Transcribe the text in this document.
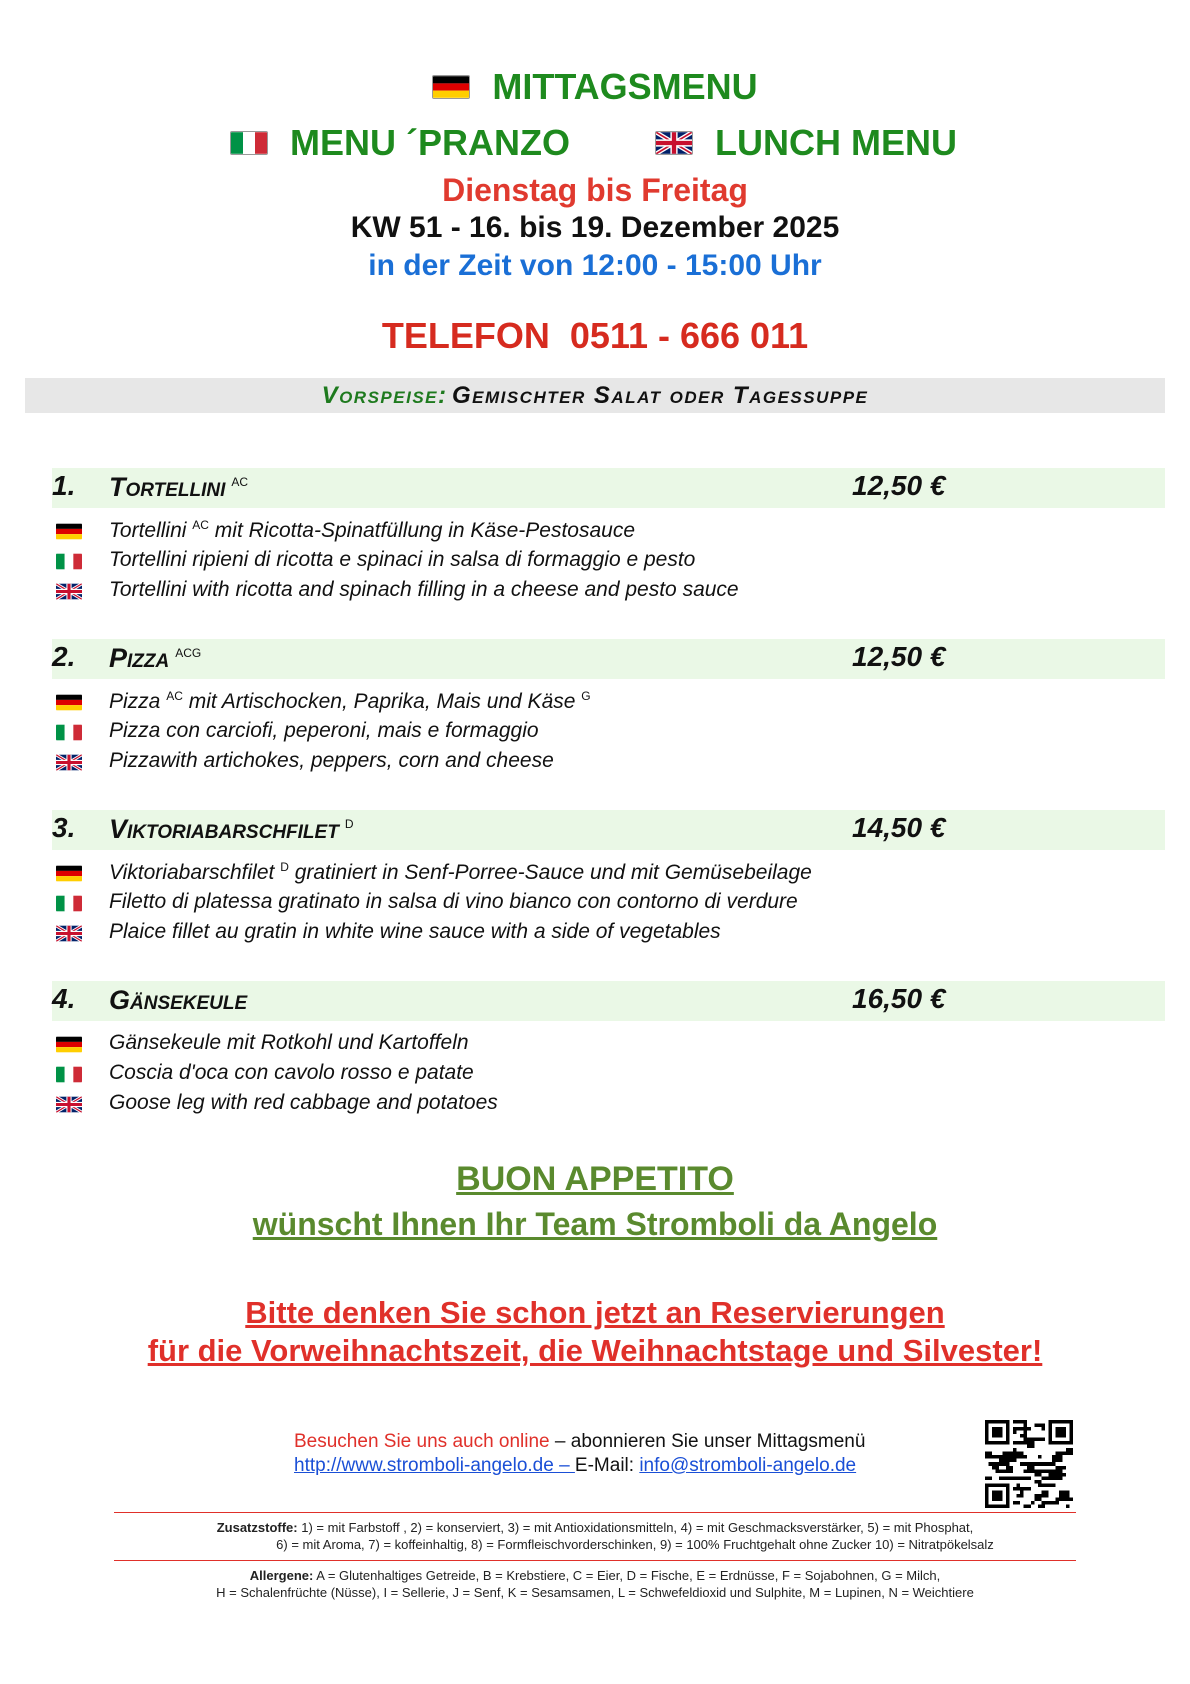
MITTAGSMENU
MENU ´PRANZO	LUNCH MENU
Dienstag bis Freitag
KW 51 - 16. bis 19. Dezember 2025
in der Zeit von 12:00 - 15:00 Uhr
TELEFON  0511 - 666 011
Vorspeise: Gemischter Salat oder Tagessuppe
1. Tortellini $^{AC}$	12,50 €
Tortellini $^{AC}$ mit Ricotta-Spinatfüllung in Käse-Pestosauce
Tortellini ripieni di ricotta e spinaci in salsa di formaggio e pesto
Tortellini with ricotta and spinach filling in a cheese and pesto sauce
2. Pizza $^{ACG}$	12,50 €
Pizza $^{AC}$ mit Artischocken, Paprika, Mais und Käse $^G$
Pizza con carciofi, peperoni, mais e formaggio
Pizzawith artichokes, peppers, corn and cheese
3. Viktoriabarschfilet $^D$	14,50 €
Viktoriabarschfilet $^D$ gratiniert in Senf-Porree-Sauce und mit Gemüsebeilage
Filetto di platessa gratinato in salsa di vino bianco con contorno di verdure
Plaice fillet au gratin in white wine sauce with a side of vegetables
4. Gänsekeule	16,50 €
Gänsekeule mit Rotkohl und Kartoffeln
Coscia d'oca con cavolo rosso e patate
Goose leg with red cabbage and potatoes
BUON APPETITO
wünscht Ihnen Ihr Team Stromboli da Angelo
Bitte denken Sie schon jetzt an Reservierungen
für die Vorweihnachtszeit, die Weihnachtstage und Silvester!
Besuchen Sie uns auch online – abonnieren Sie unser Mittagsmenü
http://www.stromboli-angelo.de – E-Mail: info@stromboli-angelo.de
Zusatzstoffe: 1) = mit Farbstoff , 2) = konserviert, 3) = mit Antioxidationsmitteln, 4) = mit Geschmacksverstärker, 5) = mit Phosphat,
6) = mit Aroma, 7) = koffeinhaltig, 8) = Formfleischvorderschinken, 9) = 100% Fruchtgehalt ohne Zucker 10) = Nitratpökelsalz
Allergene: A = Glutenhaltiges Getreide, B = Krebstiere, C = Eier, D = Fische, E = Erdnüsse, F = Sojabohnen, G = Milch,
H = Schalenfrüchte (Nüsse), I = Sellerie, J = Senf, K = Sesamsamen, L = Schwefeldioxid und Sulphite, M = Lupinen, N = Weichtiere
